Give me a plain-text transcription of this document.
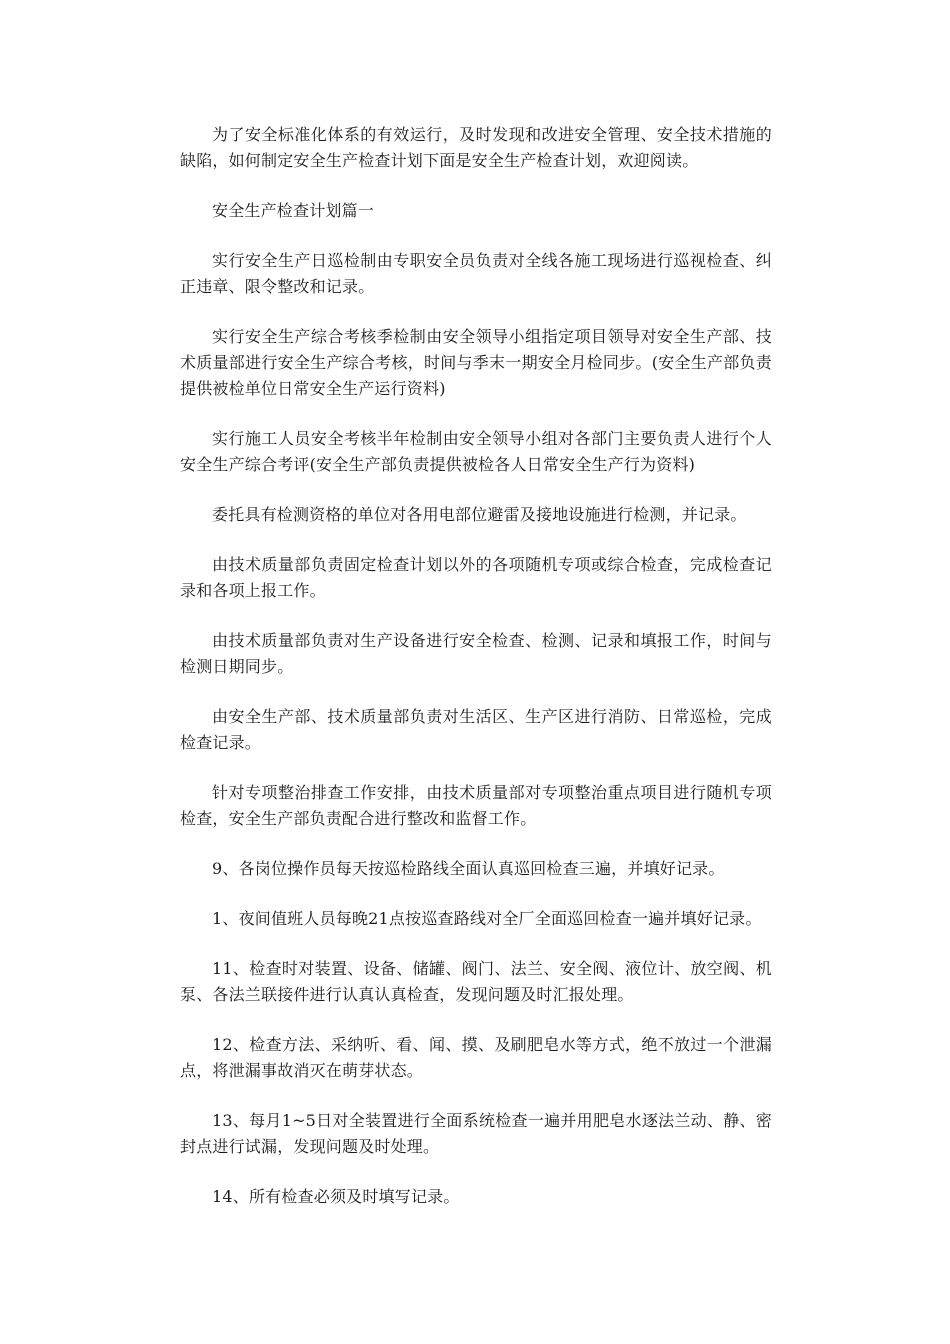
为了安全标准化体系的有效运行，及时发现和改进安全管理、安全技术措施的缺陷，如何制定安全生产检查计划下面是安全生产检查计划，欢迎阅读。

安全生产检查计划篇一

实行安全生产日巡检制由专职安全员负责对全线各施工现场进行巡视检查、纠正违章、限令整改和记录。

实行安全生产综合考核季检制由安全领导小组指定项目领导对安全生产部、技术质量部进行安全生产综合考核，时间与季末一期安全月检同步。(安全生产部负责提供被检单位日常安全生产运行资料)

实行施工人员安全考核半年检制由安全领导小组对各部门主要负责人进行个人安全生产综合考评(安全生产部负责提供被检各人日常安全生产行为资料)

委托具有检测资格的单位对各用电部位避雷及接地设施进行检测，并记录。

由技术质量部负责固定检查计划以外的各项随机专项或综合检查，完成检查记录和各项上报工作。

由技术质量部负责对生产设备进行安全检查、检测、记录和填报工作，时间与检测日期同步。

由安全生产部、技术质量部负责对生活区、生产区进行消防、日常巡检，完成检查记录。

针对专项整治排查工作安排，由技术质量部对专项整治重点项目进行随机专项检查，安全生产部负责配合进行整改和监督工作。

9、各岗位操作员每天按巡检路线全面认真巡回检查三遍，并填好记录。

1、夜间值班人员每晚21点按巡查路线对全厂全面巡回检查一遍并填好记录。

11、检查时对装置、设备、储罐、阀门、法兰、安全阀、液位计、放空阀、机泵、各法兰联接件进行认真认真检查，发现问题及时汇报处理。

12、检查方法、采纳听、看、闻、摸、及刷肥皂水等方式，绝不放过一个泄漏点，将泄漏事故消灭在萌芽状态。

13、每月1~5日对全装置进行全面系统检查一遍并用肥皂水逐法兰动、静、密封点进行试漏，发现问题及时处理。

14、所有检查必须及时填写记录。
